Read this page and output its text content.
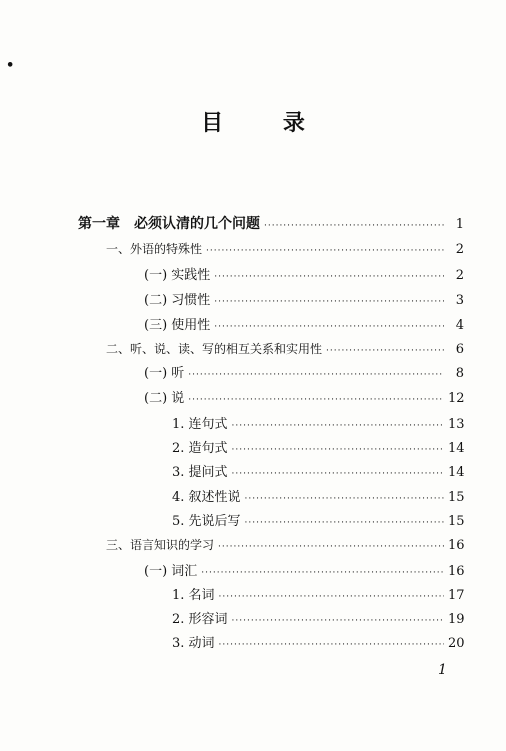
•
目 录
第一章　必须认清的几个问题 ·····	1
一、外语的特殊性 ·····	2
(一) 实践性 ·····	2
(二) 习惯性 ·····	3
(三) 使用性 ·····	4
二、听、说、读、写的相互关系和实用性 ·····	6
(一) 听 ·····	8
(二) 说 ·····	12
1. 连句式 ·····	13
2. 造句式 ·····	14
3. 提问式 ·····	14
4. 叙述性说 ·····	15
5. 先说后写 ·····	15
三、语言知识的学习 ·····	16
(一) 词汇 ·····	16
1. 名词 ·····	17
2. 形容词 ·····	19
3. 动词 ·····	20
1
